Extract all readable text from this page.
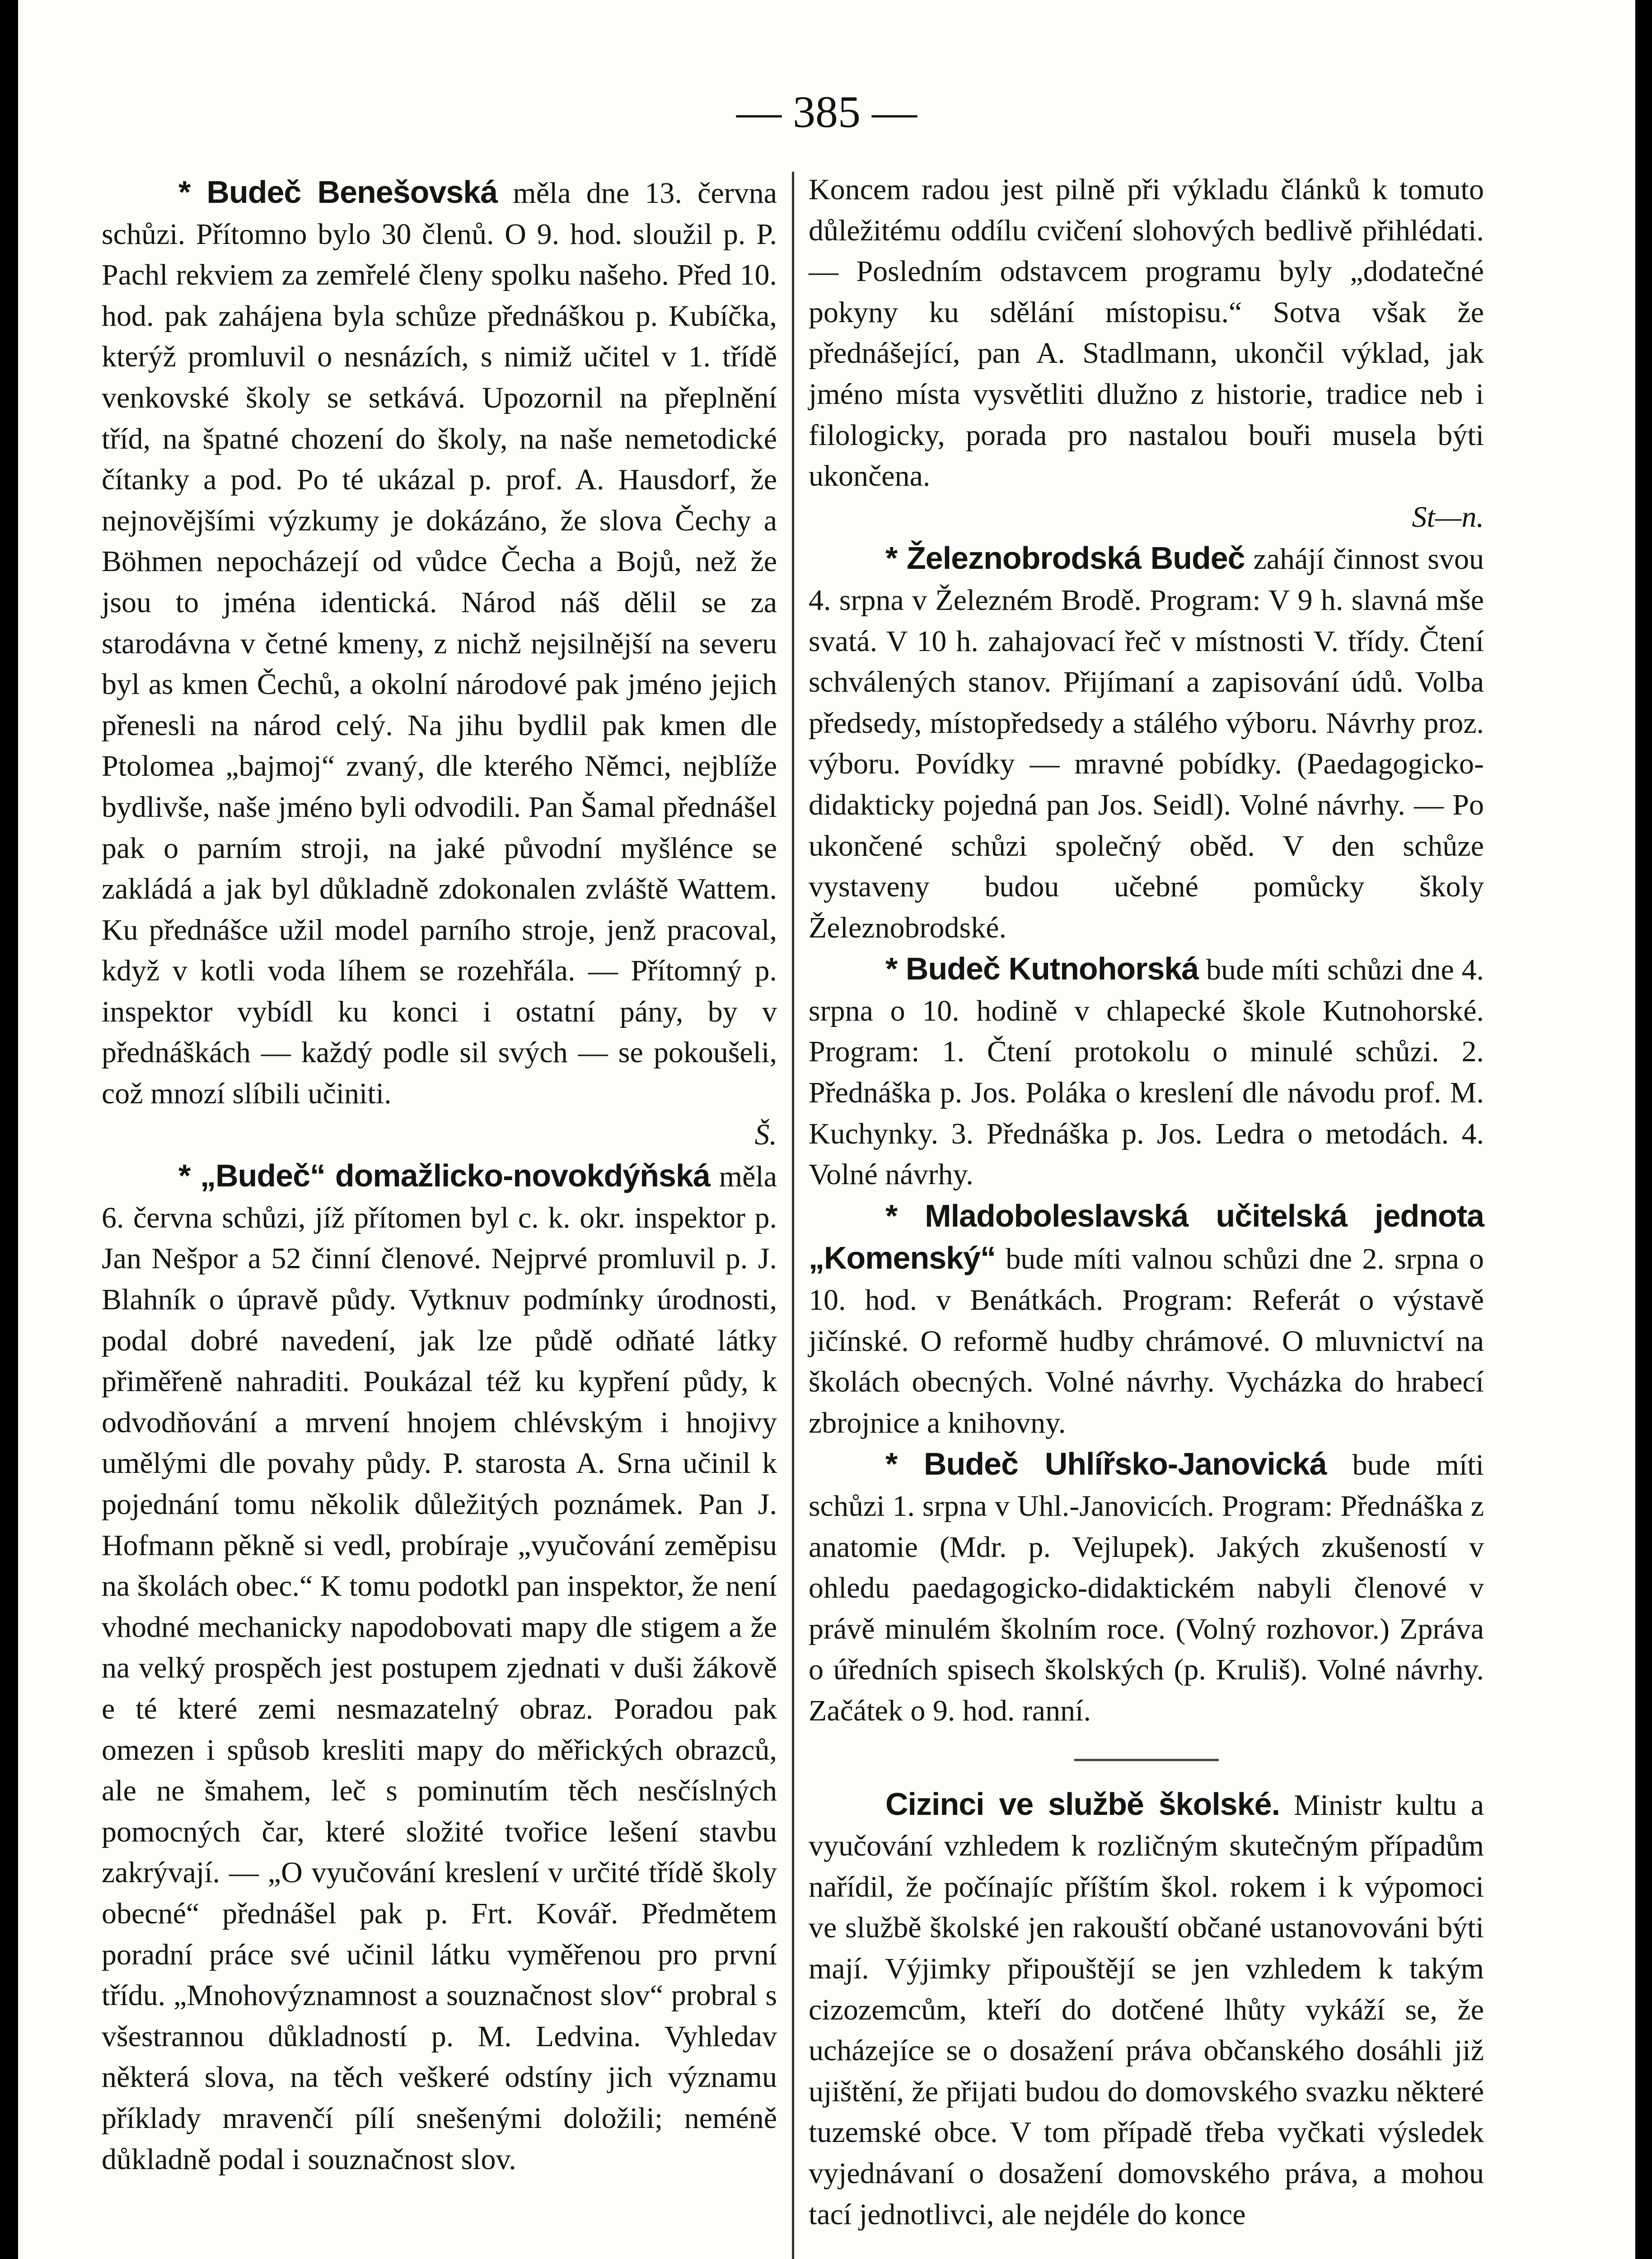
— 385 —

* Budeč Benešovská měla dne 13. června schůzi. Přítomno bylo 30 členů. O 9. hod. sloužil p. P. Pachl rekviem za zemřelé členy spolku našeho. Před 10. hod. pak zahájena byla schůze přednáškou p. Kubíčka, kterýž promluvil o nesnázích, s nimiž učitel v 1. třídě venkovské školy se setkává. Upozornil na přeplnění tříd, na špatné chození do školy, na naše nemetodické čítanky a pod. Po té ukázal p. prof. A. Hausdorf, že nejnovějšími výzkumy je dokázáno, že slova Čechy a Böhmen nepocházejí od vůdce Čecha a Bojů, než že jsou to jména identická. Národ náš dělil se za starodávna v četné kmeny, z nichž nejsilnější na severu byl as kmen Čechů, a okolní národové pak jméno jejich přenesli na národ celý. Na jihu bydlil pak kmen dle Ptolomea „bajmoj“ zvaný, dle kterého Němci, nejblíže bydlivše, naše jméno byli odvodili. Pan Šamal přednášel pak o parním stroji, na jaké původní myšlénce se zakládá a jak byl důkladně zdokonalen zvláště Wattem. Ku přednášce užil model parního stroje, jenž pracoval, když v kotli voda líhem se rozehřála. — Přítomný p. inspektor vybídl ku konci i ostatní pány, by v přednáškách — každý podle sil svých — se pokoušeli, což mnozí slíbili učiniti.
Š.

* „Budeč“ domažlicko-novokdýňská měla 6. června schůzi, jíž přítomen byl c. k. okr. inspektor p. Jan Nešpor a 52 činní členové. Nejprvé promluvil p. J. Blahník o úpravě půdy. Vytknuv podmínky úrodnosti, podal dobré navedení, jak lze půdě odňaté látky přiměřeně nahraditi. Poukázal též ku kypření půdy, k odvodňování a mrvení hnojem chlévským i hnojivy umělými dle povahy půdy. P. starosta A. Srna učinil k pojednání tomu několik důležitých poznámek. Pan J. Hofmann pěkně si vedl, probíraje „vyučování zeměpisu na školách obec.“ K tomu podotkl pan inspektor, že není vhodné mechanicky napodobovati mapy dle stigem a že na velký prospěch jest postupem zjednati v duši žákově e té které zemi nesmazatelný obraz. Poradou pak omezen i spůsob kresliti mapy do měřických obrazců, ale ne šmahem, leč s pominutím těch nesčíslných pomocných čar, které složité tvořice lešení stavbu zakrývají. — „O vyučování kreslení v určité třídě školy obecné“ přednášel pak p. Frt. Kovář. Předmětem poradní práce své učinil látku vyměřenou pro první třídu. „Mnohovýznamnost a souznačnost slov“ probral s všestrannou důkladností p. M. Ledvina. Vyhledav některá slova, na těch veškeré odstíny jich významu příklady mravenčí pílí snešenými doložili; neméně důkladně podal i souznačnost slov.

Koncem radou jest pilně při výkladu článků k tomuto důležitému oddílu cvičení slohových bedlivě přihlédati. — Posledním odstavcem programu byly „dodatečné pokyny ku sdělání místopisu.“ Sotva však že přednášející, pan A. Stadlmann, ukončil výklad, jak jméno místa vysvětliti dlužno z historie, tradice neb i filologicky, porada pro nastalou bouři musela býti ukončena.
St—n.

* Železnobrodská Budeč zahájí činnost svou 4. srpna v Železném Brodě. Program: V 9 h. slavná mše svatá. V 10 h. zahajovací řeč v místnosti V. třídy. Čtení schválených stanov. Přijímaní a zapisování údů. Volba předsedy, místopředsedy a stálého výboru. Návrhy proz. výboru. Povídky — mravné pobídky. (Paedagogicko-didakticky pojedná pan Jos. Seidl). Volné návrhy. — Po ukončené schůzi společný oběd. V den schůze vystaveny budou učebné pomůcky školy Železnobrodské.

* Budeč Kutnohorská bude míti schůzi dne 4. srpna o 10. hodině v chlapecké škole Kutnohorské. Program: 1. Čtení protokolu o minulé schůzi. 2. Přednáška p. Jos. Poláka o kreslení dle návodu prof. M. Kuchynky. 3. Přednáška p. Jos. Ledra o metodách. 4. Volné návrhy.

* Mladoboleslavská učitelská jednota „Komenský“ bude míti valnou schůzi dne 2. srpna o 10. hod. v Benátkách. Program: Referát o výstavě jičínské. O reformě hudby chrámové. O mluvnictví na školách obecných. Volné návrhy. Vycházka do hrabecí zbrojnice a knihovny.

* Budeč Uhlířsko-Janovická bude míti schůzi 1. srpna v Uhl.-Janovicích. Program: Přednáška z anatomie (Mdr. p. Vejlupek). Jakých zkušeností v ohledu paedagogicko-didaktickém nabyli členové v právě minulém školním roce. (Volný rozhovor.) Zpráva o úředních spisech školských (p. Kruliš). Volné návrhy. Začátek o 9. hod. ranní.

Cizinci ve službě školské. Ministr kultu a vyučování vzhledem k rozličným skutečným případům nařídil, že počínajíc příštím škol. rokem i k výpomoci ve službě školské jen rakouští občané ustanovováni býti mají. Výjimky připouštějí se jen vzhledem k takým cizozemcům, kteří do dotčené lhůty vykáží se, že ucházejíce se o dosažení práva občanského dosáhli již ujištění, že přijati budou do domovského svazku některé tuzemské obce. V tom případě třeba vyčkati výsledek vyjednávaní o dosažení domovského práva, a mohou tací jednotlivci, ale nejdéle do konce
